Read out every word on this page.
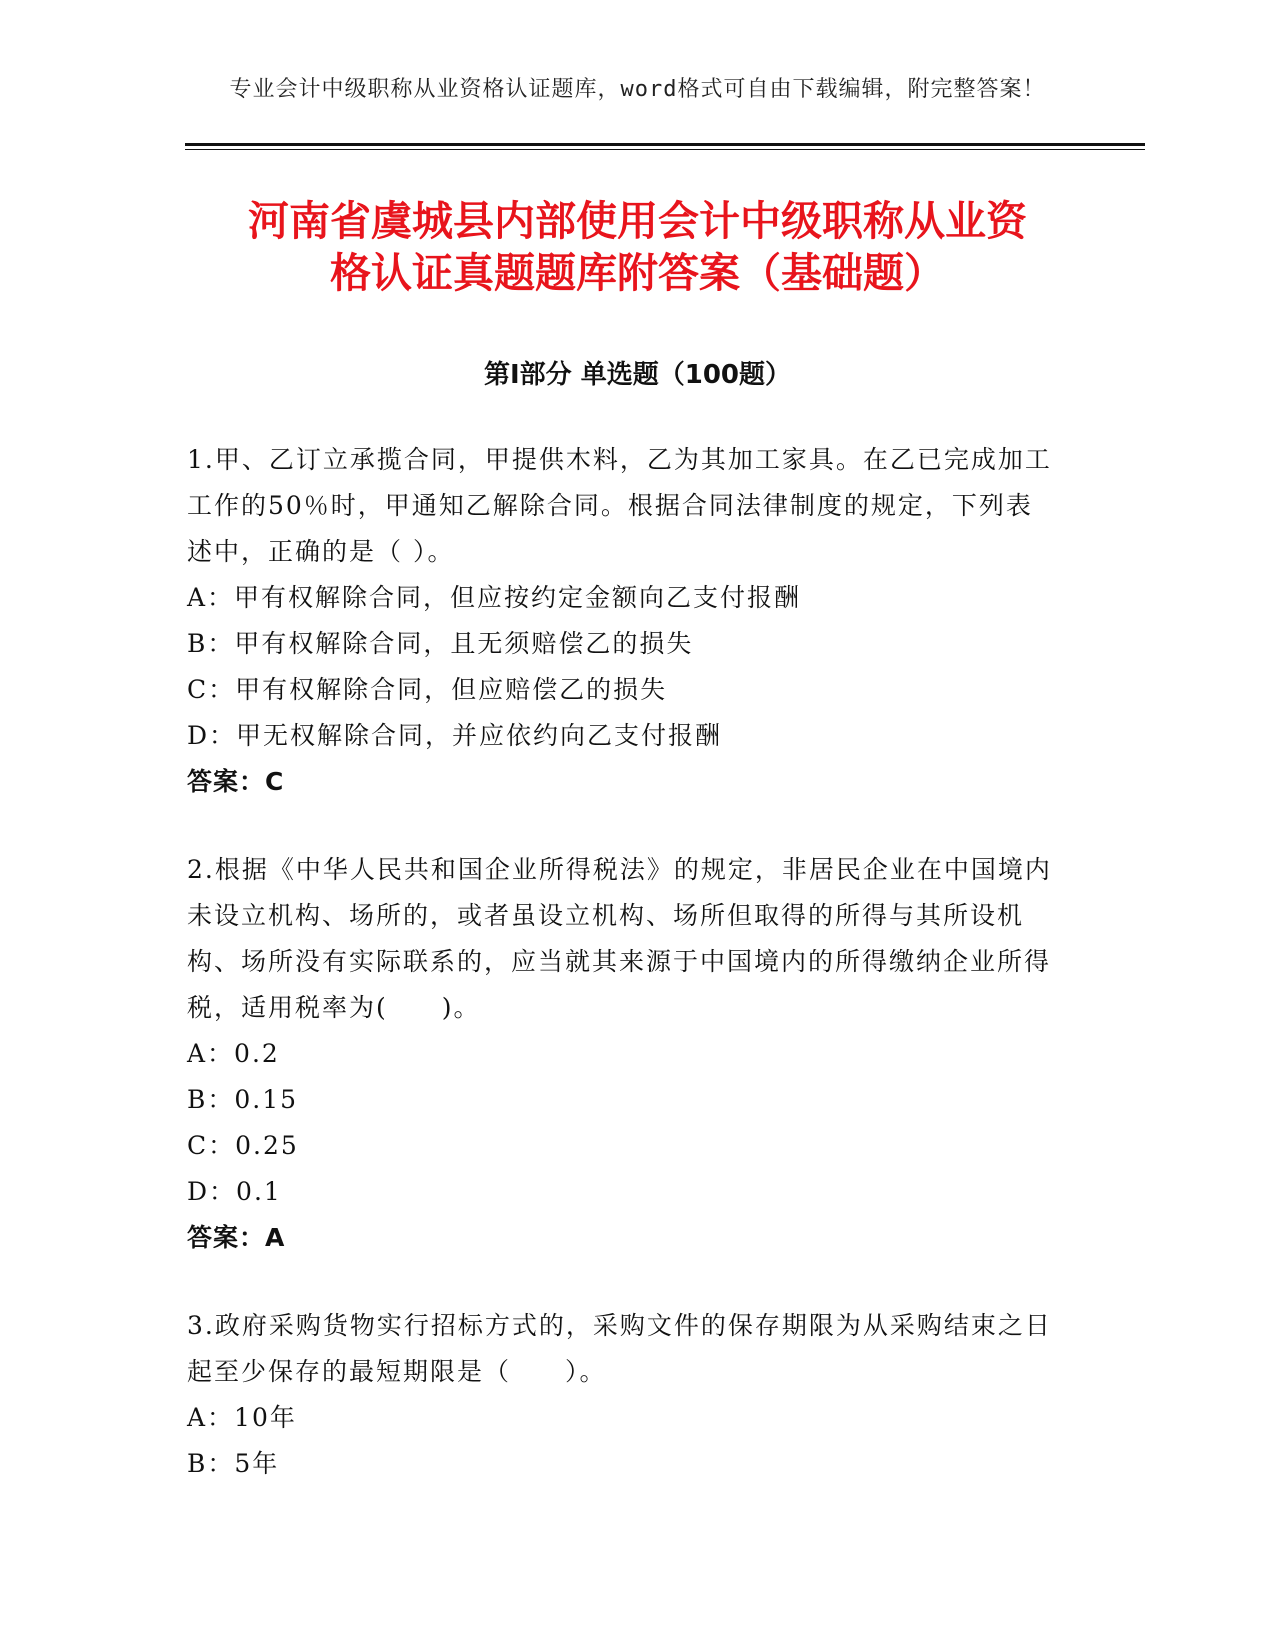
专业会计中级职称从业资格认证题库，word格式可自由下载编辑，附完整答案！
河南省虞城县内部使用会计中级职称从业资
格认证真题题库附答案（基础题）
第Ⅰ部分 单选题（100题）

1.甲、乙订立承揽合同，甲提供木料，乙为其加工家具。在乙已完成加工工作的50％时，甲通知乙解除合同。根据合同法律制度的规定，下列表述中，正确的是（ ）。

A：甲有权解除合同，但应按约定金额向乙支付报酬

B：甲有权解除合同，且无须赔偿乙的损失

C：甲有权解除合同，但应赔偿乙的损失

D：甲无权解除合同，并应依约向乙支付报酬

答案：C

2.根据《中华人民共和国企业所得税法》的规定，非居民企业在中国境内未设立机构、场所的，或者虽设立机构、场所但取得的所得与其所设机构、场所没有实际联系的，应当就其来源于中国境内的所得缴纳企业所得税，适用税率为(　　)。

A：0.2

B：0.15

C：0.25

D：0.1

答案：A

3.政府采购货物实行招标方式的，采购文件的保存期限为从采购结束之日起至少保存的最短期限是（　　）。

A：10年

B：5年
